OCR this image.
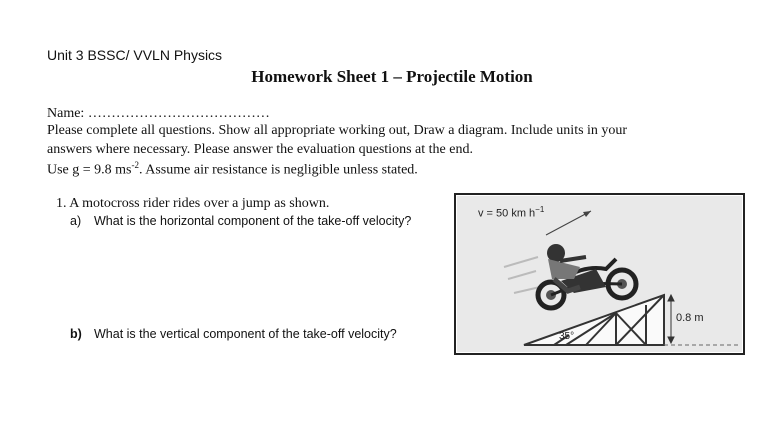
Unit 3 BSSC/ VVLN Physics
Homework Sheet 1 – Projectile Motion
Name: …………………………………
Please complete all questions. Show all appropriate working out, Draw a diagram. Include units in your
answers where necessary. Please answer the evaluation questions at the end.
Use g = 9.8 $ms^{-2}$. Assume air resistance is negligible unless stated.
1. A motocross rider rides over a jump as shown.
a) What is the horizontal component of the take-off velocity?
b) What is the vertical component of the take-off velocity?
v = 50 km $h^{-1}$
0.8 m
35°
